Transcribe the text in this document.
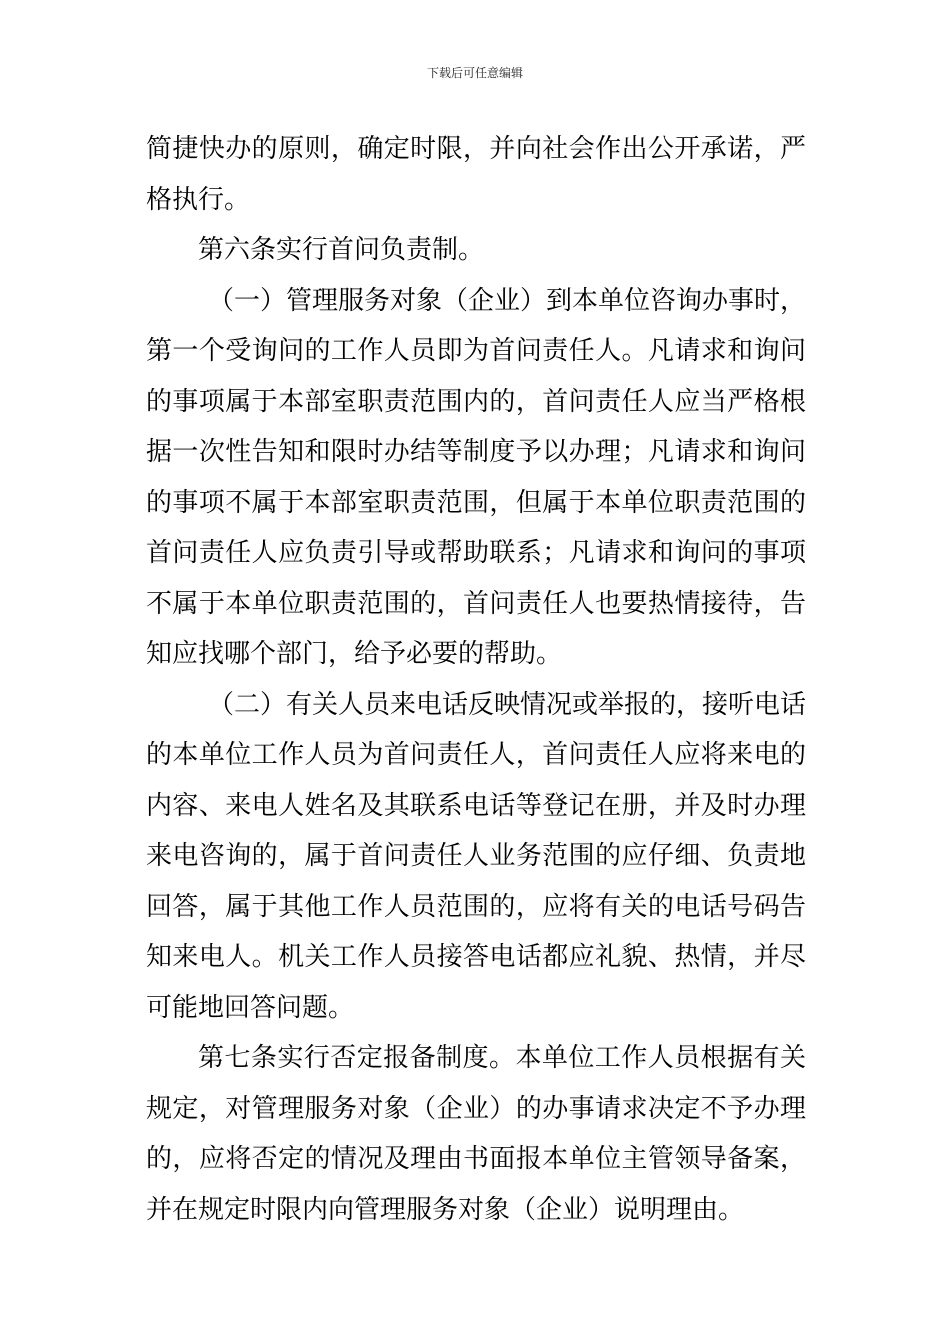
下载后可任意编辑
简捷快办的原则，确定时限，并向社会作出公开承诺，严
格执行。
第六条实行首问负责制。
（一）管理服务对象（企业）到本单位咨询办事时，
第一个受询问的工作人员即为首问责任人。凡请求和询问
的事项属于本部室职责范围内的，首问责任人应当严格根
据一次性告知和限时办结等制度予以办理；凡请求和询问
的事项不属于本部室职责范围，但属于本单位职责范围的
首问责任人应负责引导或帮助联系；凡请求和询问的事项
不属于本单位职责范围的，首问责任人也要热情接待，告
知应找哪个部门，给予必要的帮助。
（二）有关人员来电话反映情况或举报的，接听电话
的本单位工作人员为首问责任人，首问责任人应将来电的
内容、来电人姓名及其联系电话等登记在册，并及时办理
来电咨询的，属于首问责任人业务范围的应仔细、负责地
回答，属于其他工作人员范围的，应将有关的电话号码告
知来电人。机关工作人员接答电话都应礼貌、热情，并尽
可能地回答问题。
第七条实行否定报备制度。本单位工作人员根据有关
规定，对管理服务对象（企业）的办事请求决定不予办理
的，应将否定的情况及理由书面报本单位主管领导备案，
并在规定时限内向管理服务对象（企业）说明理由。
